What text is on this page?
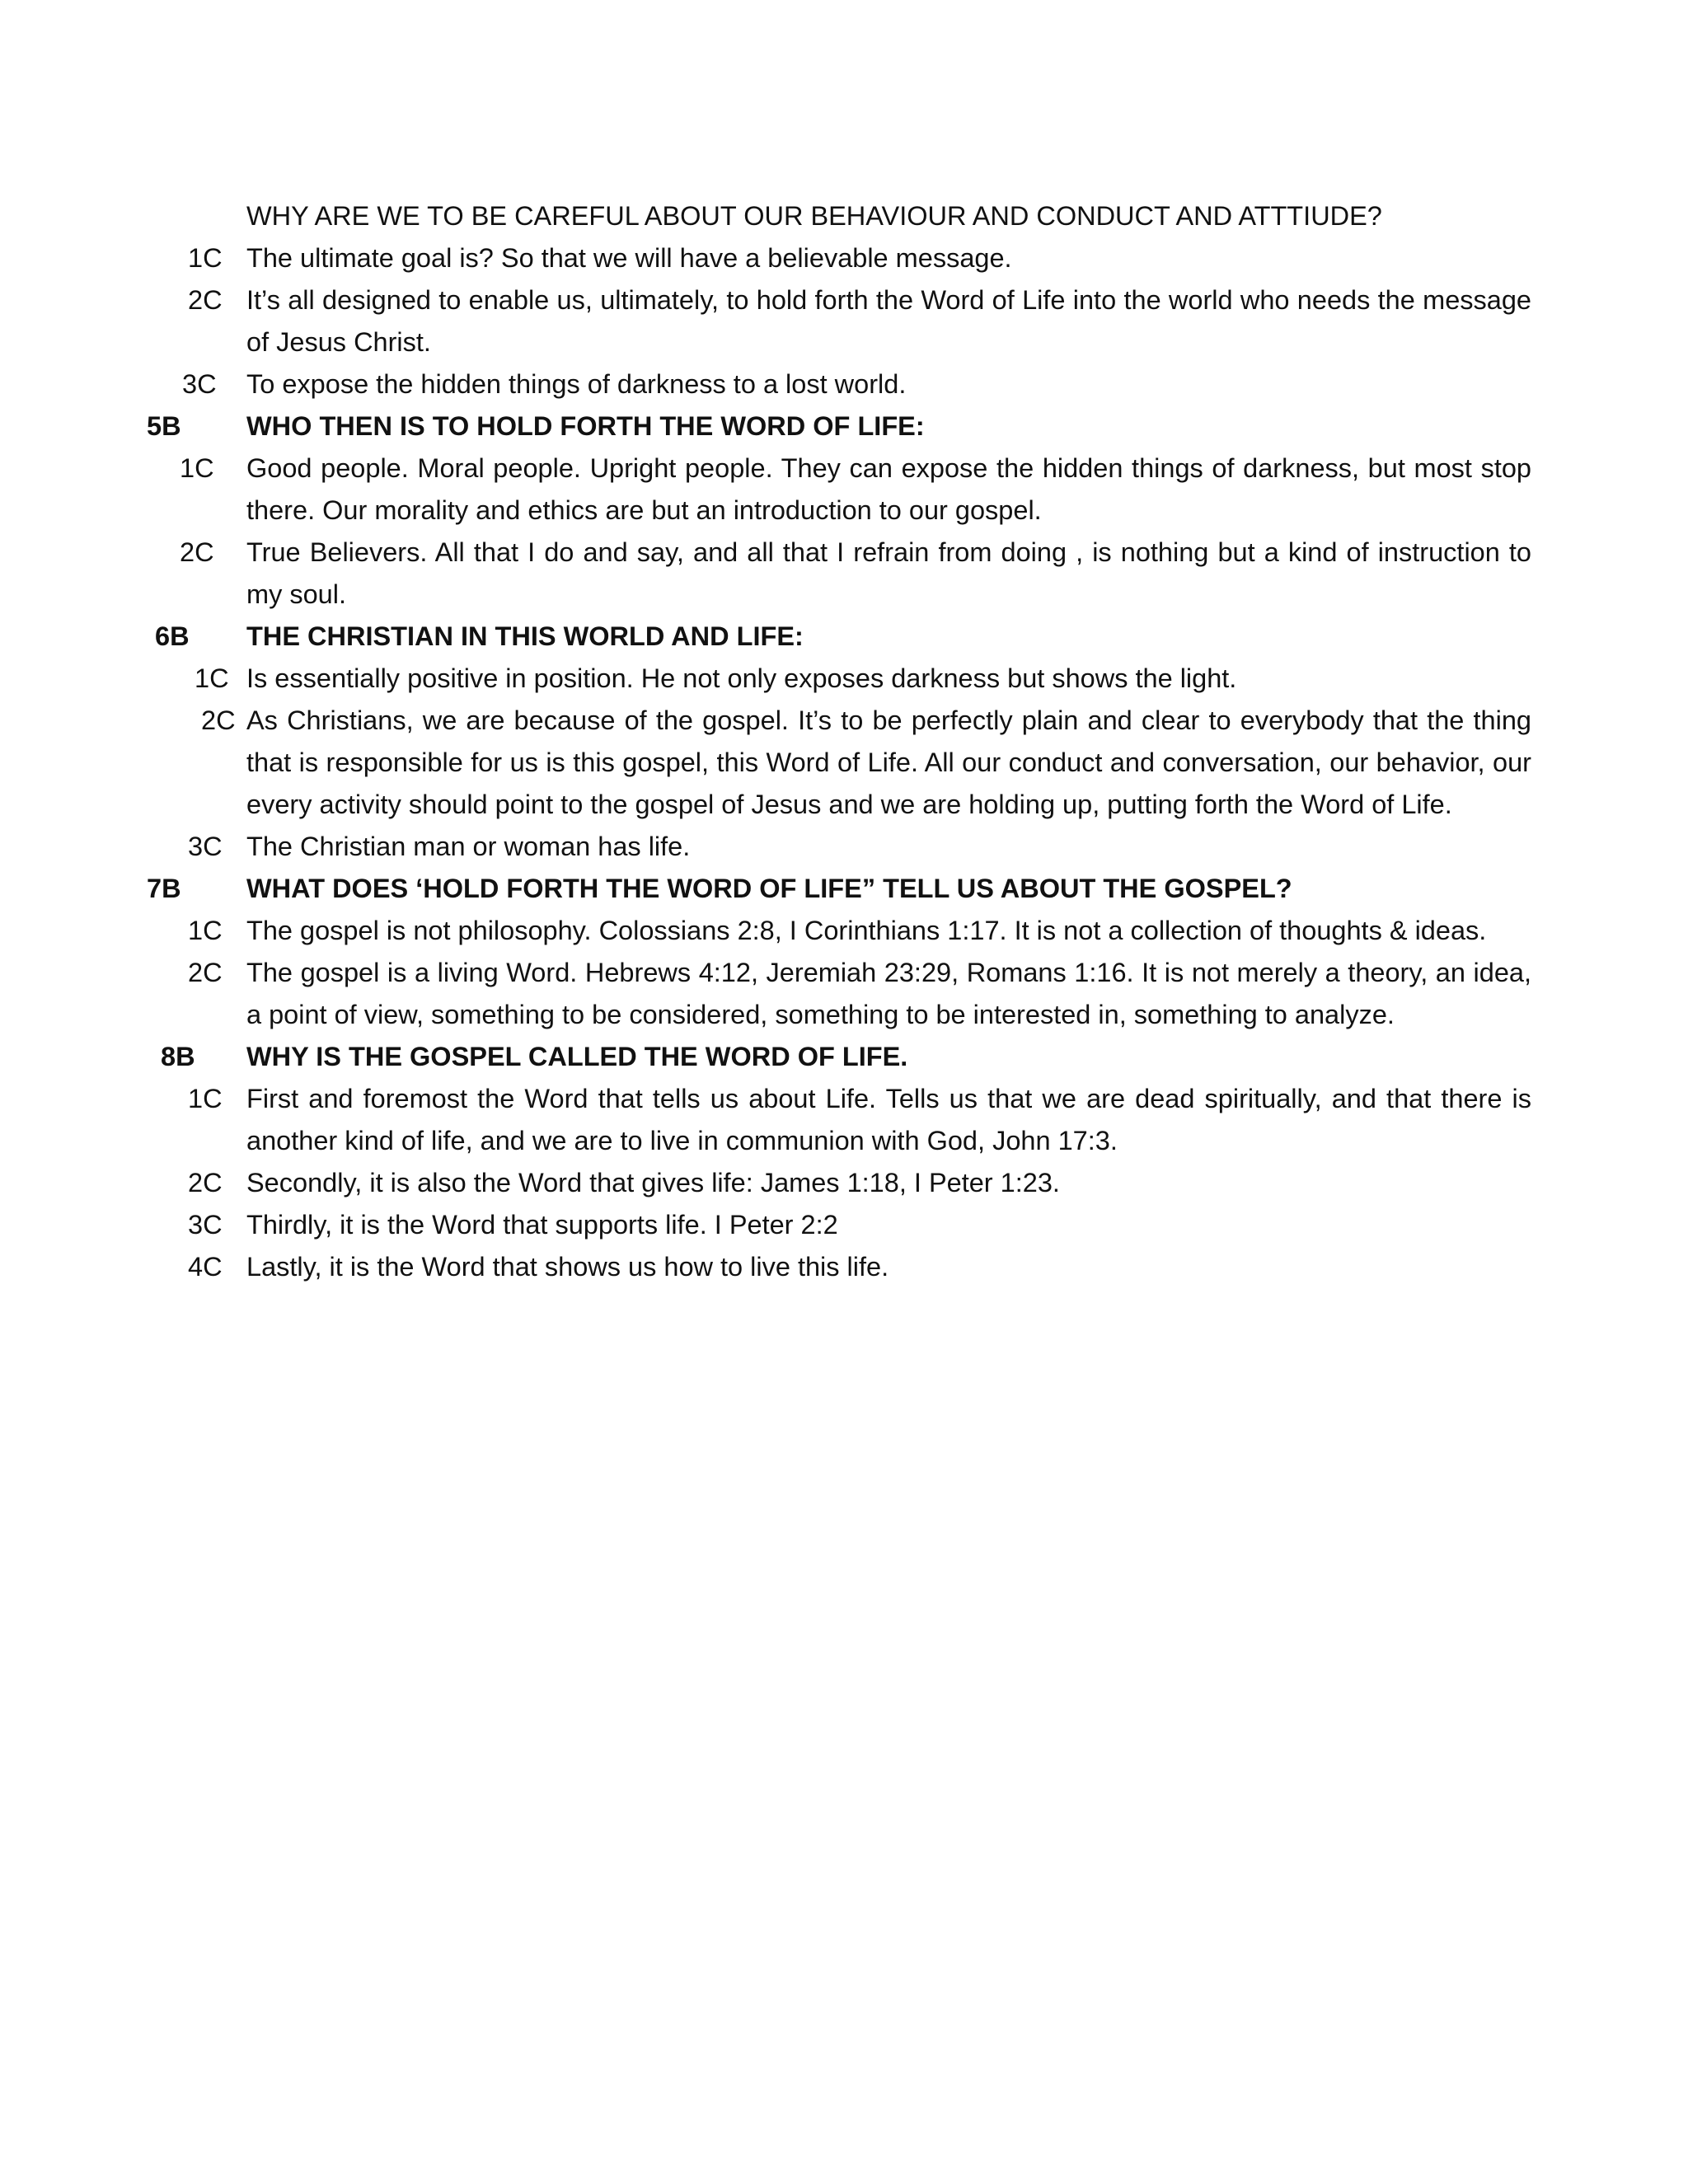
WHY ARE WE TO BE CAREFUL ABOUT OUR BEHAVIOUR AND CONDUCT AND ATTTIUDE?
1C The ultimate goal is? So that we will have a believable message.
2C It’s all designed to enable us, ultimately, to hold forth the Word of Life into the world who needs the message of Jesus Christ.
3C To expose the hidden things of darkness to a lost world.
5B WHO THEN IS TO HOLD FORTH THE WORD OF LIFE:
1C Good people. Moral people. Upright people. They can expose the hidden things of darkness, but most stop there. Our morality and ethics are but an introduction to our gospel.
2C True Believers. All that I do and say, and all that I refrain from doing , is nothing but a kind of instruction to my soul.
6B THE CHRISTIAN IN THIS WORLD AND LIFE:
1C Is essentially positive in position. He not only exposes darkness but shows the light.
2C As Christians, we are because of the gospel. It’s to be perfectly plain and clear to everybody that the thing that is responsible for us is this gospel, this Word of Life. All our conduct and conversation, our behavior, our every activity should point to the gospel of Jesus and we are holding up, putting forth the Word of Life.
3C The Christian man or woman has life.
7B WHAT DOES ‘HOLD FORTH THE WORD OF LIFE” TELL US ABOUT THE GOSPEL?
1C The gospel is not philosophy. Colossians 2:8, I Corinthians 1:17. It is not a collection of thoughts & ideas.
2C The gospel is a living Word. Hebrews 4:12, Jeremiah 23:29, Romans 1:16. It is not merely a theory, an idea, a point of view, something to be considered, something to be interested in, something to analyze.
8B WHY IS THE GOSPEL CALLED THE WORD OF LIFE.
1C First and foremost the Word that tells us about Life. Tells us that we are dead spiritually, and that there is another kind of life, and we are to live in communion with God, John 17:3.
2C Secondly, it is also the Word that gives life: James 1:18, I Peter 1:23.
3C Thirdly, it is the Word that supports life. I Peter 2:2
4C Lastly, it is the Word that shows us how to live this life.
